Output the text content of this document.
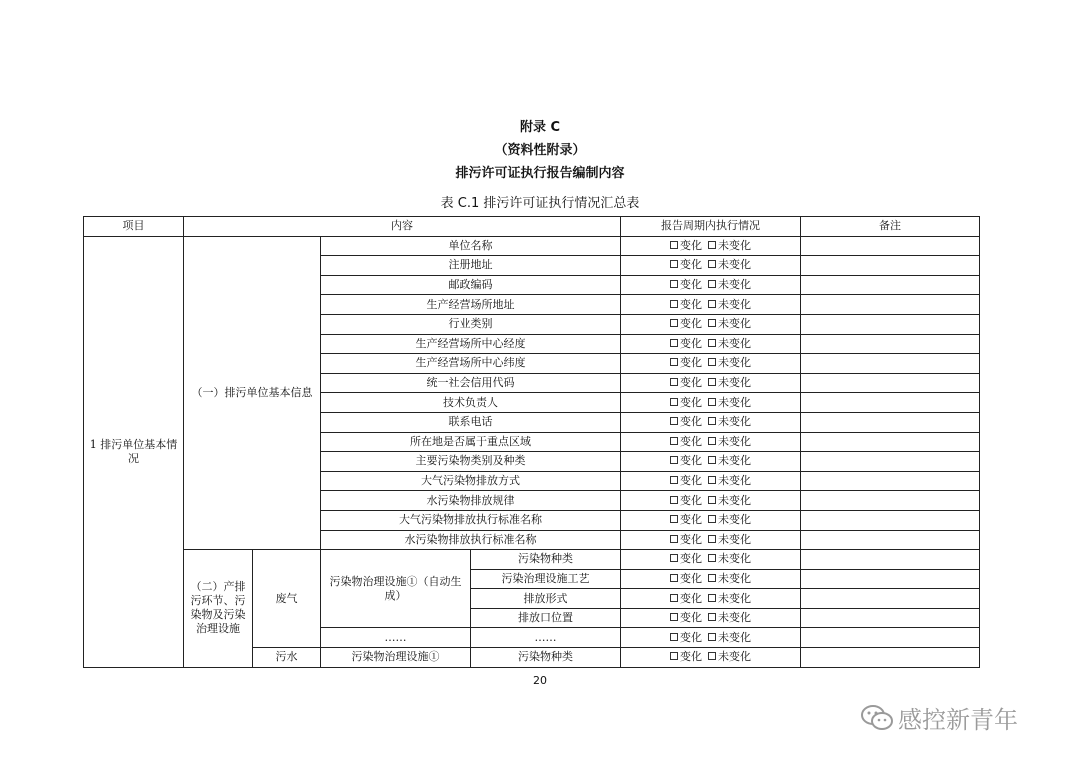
附录 C
（资料性附录）
排污许可证执行报告编制内容
表 C.1 排污许可证执行情况汇总表
项目	内容				报告周期内执行情况	备注

1 排污单位基本情况	（一）排污单位基本信息		单位名称		变化 未变化	
			注册地址		变化 未变化	
			邮政编码		变化 未变化	
			生产经营场所地址		变化 未变化	
			行业类别		变化 未变化	
			生产经营场所中心经度		变化 未变化	
			生产经营场所中心纬度		变化 未变化	
			统一社会信用代码		变化 未变化	
			技术负责人		变化 未变化	
			联系电话		变化 未变化	
			所在地是否属于重点区域		变化 未变化	
			主要污染物类别及种类		变化 未变化	
			大气污染物排放方式		变化 未变化	
			水污染物排放规律		变化 未变化	
			大气污染物排放执行标准名称		变化 未变化	
			水污染物排放执行标准名称		变化 未变化	

	（二）产排污环节、污染物及污染治理设施	废气	污染物治理设施①（自动生成）	污染物种类	变化 未变化	
				污染治理设施工艺	变化 未变化	
				排放形式	变化 未变化	
				排放口位置	变化 未变化	
			……	……	变化 未变化	
		污水	污染物治理设施①	污染物种类	变化 未变化	
20
感控新青年
